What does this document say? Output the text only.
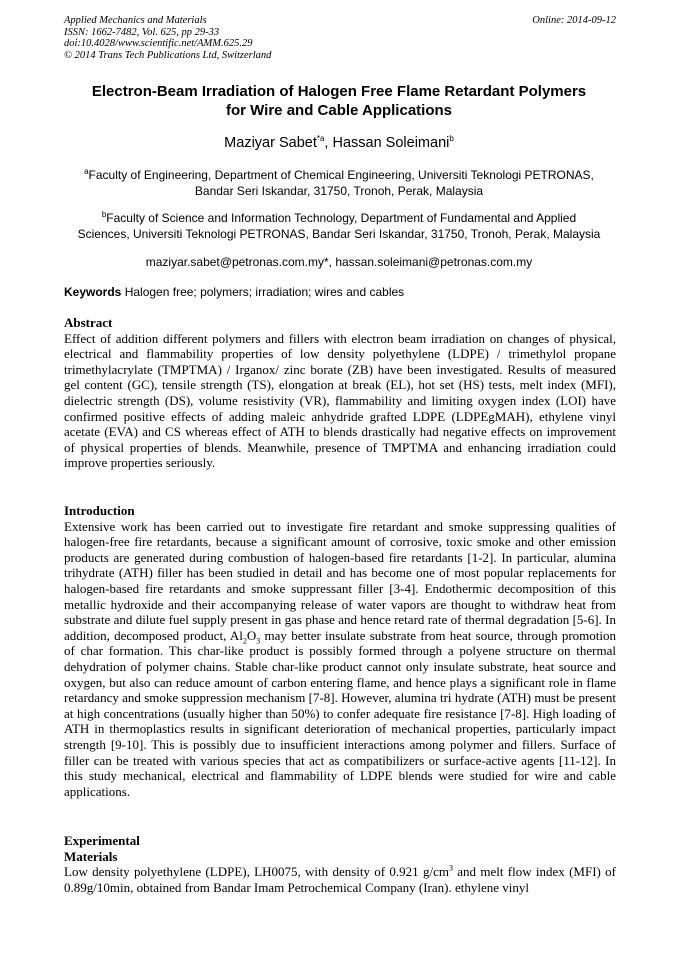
Applied Mechanics and Materials
ISSN: 1662-7482, Vol. 625, pp 29-33
doi:10.4028/www.scientific.net/AMM.625.29
© 2014 Trans Tech Publications Ltd, Switzerland
Online: 2014-09-12
Electron-Beam Irradiation of Halogen Free Flame Retardant Polymers
for Wire and Cable Applications
Maziyar Sabet$^{*a}$, Hassan Soleimani$^b$
$^a$Faculty of Engineering, Department of Chemical Engineering, Universiti Teknologi PETRONAS,
Bandar Seri Iskandar, 31750, Tronoh, Perak, Malaysia
$^b$Faculty of Science and Information Technology, Department of Fundamental and Applied
Sciences, Universiti Teknologi PETRONAS, Bandar Seri Iskandar, 31750, Tronoh, Perak, Malaysia
maziyar.sabet@petronas.com.my*, hassan.soleimani@petronas.com.my
Keywords Halogen free; polymers; irradiation; wires and cables
Abstract
Effect of addition different polymers and fillers with electron beam irradiation on changes of physical, electrical and flammability properties of low density polyethylene (LDPE) / trimethylol propane trimethylacrylate (TMPTMA) / Irganox/ zinc borate (ZB) have been investigated. Results of measured gel content (GC), tensile strength (TS), elongation at break (EL), hot set (HS) tests, melt index (MFI), dielectric strength (DS), volume resistivity (VR), flammability and limiting oxygen index (LOI) have confirmed positive effects of adding maleic anhydride grafted LDPE (LDPEgMAH), ethylene vinyl acetate (EVA) and CS whereas effect of ATH to blends drastically had negative effects on improvement of physical properties of blends. Meanwhile, presence of TMPTMA and enhancing irradiation could improve properties seriously.
Introduction
Extensive work has been carried out to investigate fire retardant and smoke suppressing qualities of halogen-free fire retardants, because a significant amount of corrosive, toxic smoke and other emission products are generated during combustion of halogen-based fire retardants [1-2]. In particular, alumina trihydrate (ATH) filler has been studied in detail and has become one of most popular replacements for halogen-based fire retardants and smoke suppressant filler [3-4]. Endothermic decomposition of this metallic hydroxide and their accompanying release of water vapors are thought to withdraw heat from substrate and dilute fuel supply present in gas phase and hence retard rate of thermal degradation [5-6]. In addition, decomposed product, $Al_2O_3$ may better insulate substrate from heat source, through promotion of char formation. This char-like product is possibly formed through a polyene structure on thermal dehydration of polymer chains. Stable char-like product cannot only insulate substrate, heat source and oxygen, but also can reduce amount of carbon entering flame, and hence plays a significant role in flame retardancy and smoke suppression mechanism [7-8]. However, alumina tri hydrate (ATH) must be present at high concentrations (usually higher than 50%) to confer adequate fire resistance [7-8]. High loading of ATH in thermoplastics results in significant deterioration of mechanical properties, particularly impact strength [9-10]. This is possibly due to insufficient interactions among polymer and fillers. Surface of filler can be treated with various species that act as compatibilizers or surface-active agents [11-12]. In this study mechanical, electrical and flammability of LDPE blends were studied for wire and cable applications.
Experimental
Materials
Low density polyethylene (LDPE), LH0075, with density of 0.921 $g/cm^3$ and melt flow index (MFI) of 0.89g/10min, obtained from Bandar Imam Petrochemical Company (Iran). ethylene vinyl
